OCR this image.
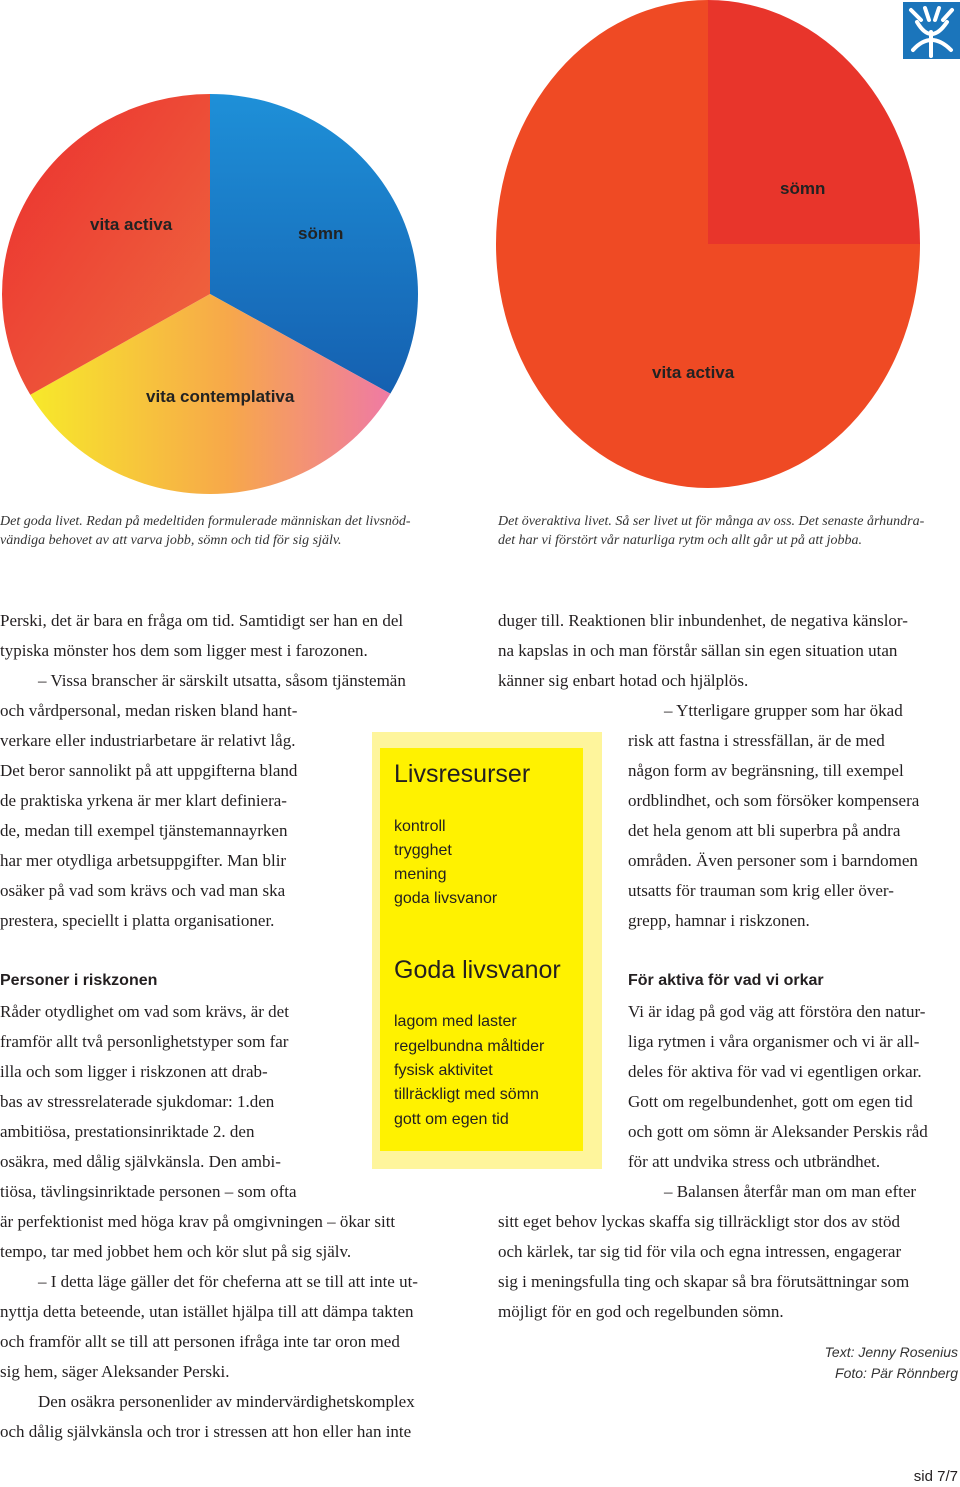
vita activa	sömn
vita contemplativa
sömn
vita activa
Det goda livet. Redan på medeltiden formulerade människan det livsnöd-
vändiga behovet av att varva jobb, sömn och tid för sig själv.
Det överaktiva livet. Så ser livet ut för många av oss. Det senaste århundra-
det har vi förstört vår naturliga rytm och allt går ut på att jobba.
Livsresurser
kontroll
trygghet
mening
goda livsvanor
Goda livsvanor
lagom med laster
regelbundna måltider
fysisk aktivitet
tillräckligt med sömn
gott om egen tid
Perski, det är bara en fråga om tid. Samtidigt ser han en del
typiska mönster hos dem som ligger mest i farozonen.
– Vissa branscher är särskilt utsatta, såsom tjänstemän
och vårdpersonal, medan risken bland hant-
verkare eller industriarbetare är relativt låg.
Det beror sannolikt på att uppgifterna bland
de praktiska yrkena är mer klart definiera-
de, medan till exempel tjänstemannayrken
har mer otydliga arbetsuppgifter. Man blir
osäker på vad som krävs och vad man ska
prestera, speciellt i platta organisationer.
Personer i riskzonen
Råder otydlighet om vad som krävs, är det
framför allt två personlighetstyper som far
illa och som ligger i riskzonen att drab-
bas av stressrelaterade sjukdomar: 1.den
ambitiösa, prestationsinriktade 2. den
osäkra, med dålig självkänsla. Den ambi-
tiösa, tävlingsinriktade personen – som ofta
är perfektionist med höga krav på omgivningen – ökar sitt
tempo, tar med jobbet hem och kör slut på sig själv.
– I detta läge gäller det för cheferna att se till att inte ut-
nyttja detta beteende, utan istället hjälpa till att dämpa takten
och framför allt se till att personen ifråga inte tar oron med
sig hem, säger Aleksander Perski.
Den osäkra personenlider av mindervärdighetskomplex
och dålig självkänsla och tror i stressen att hon eller han inte
duger till. Reaktionen blir inbundenhet, de negativa känslor-
na kapslas in och man förstår sällan sin egen situation utan
känner sig enbart hotad och hjälplös.
– Ytterligare grupper som har ökad
risk att fastna i stressfällan, är de med
någon form av begränsning, till exempel
ordblindhet, och som försöker kompensera
det hela genom att bli superbra på andra
områden. Även personer som i barndomen
utsatts för trauman som krig eller över-
grepp, hamnar i riskzonen.
För aktiva för vad vi orkar
Vi är idag på god väg att förstöra den natur-
liga rytmen i våra organismer och vi är all-
deles för aktiva för vad vi egentligen orkar.
Gott om regelbundenhet, gott om egen tid
och gott om sömn är Aleksander Perskis råd
för att undvika stress och utbrändhet.
– Balansen återfår man om man efter
sitt eget behov lyckas skaffa sig tillräckligt stor dos av stöd
och kärlek, tar sig tid för vila och egna intressen, engagerar
sig i meningsfulla ting och skapar så bra förutsättningar som
möjligt för en god och regelbunden sömn.
Text: Jenny Rosenius
Foto: Pär Rönnberg
sid 7/7
